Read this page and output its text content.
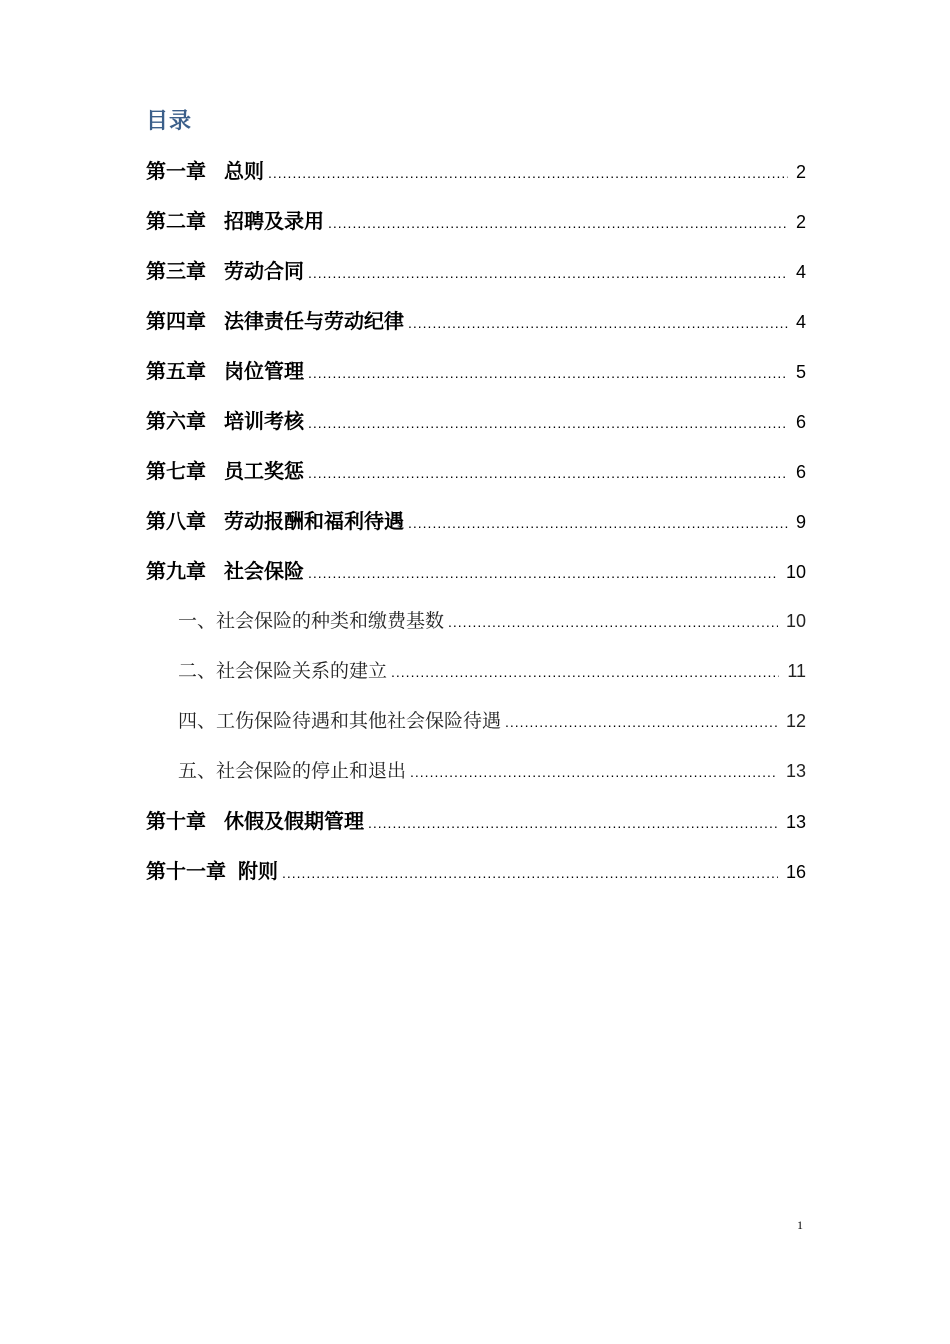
目录
第一章 总则 .....	2
第二章 招聘及录用 .....	2
第三章 劳动合同 .....	4
第四章 法律责任与劳动纪律 .....	4
第五章 岗位管理 .....	5
第六章 培训考核 .....	6
第七章 员工奖惩 .....	6
第八章 劳动报酬和福利待遇 .....	9
第九章 社会保险 .....	10
一、社会保险的种类和缴费基数 .....	10
二、社会保险关系的建立 .....	11
四、工伤保险待遇和其他社会保险待遇 .....	12
五、社会保险的停止和退出 .....	13
第十章 休假及假期管理 .....	13
第十一章 附则 .....	16
1
